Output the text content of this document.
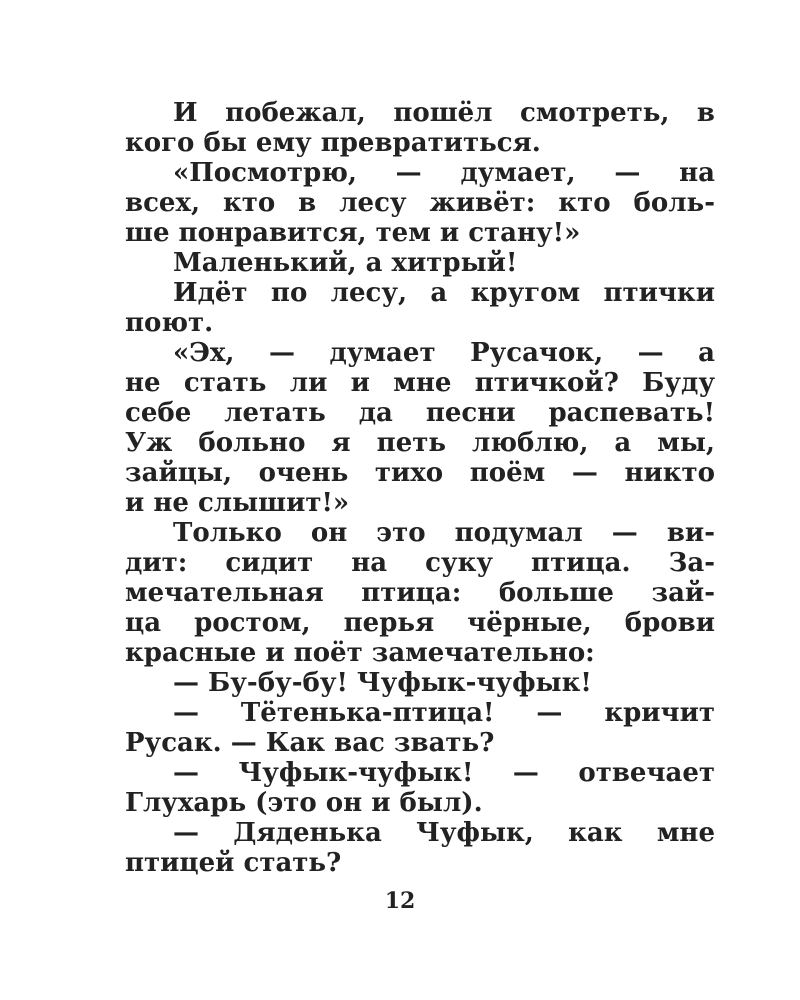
И побежал, пошёл смотреть, в
кого бы ему превратиться.
«Посмотрю, — думает, — на
всех, кто в лесу живёт: кто боль-
ше понравится, тем и стану!»
Маленький, а хитрый!
Идёт по лесу, а кругом птички
поют.
«Эх, — думает Русачок, — а
не стать ли и мне птичкой? Буду
себе летать да песни распевать!
Уж больно я петь люблю, а мы,
зайцы, очень тихо поём — никто
и не слышит!»
Только он это подумал — ви-
дит: сидит на суку птица. За-
мечательная птица: больше зай-
ца ростом, перья чёрные, брови
красные и поёт замечательно:
— Бу-бу-бу! Чуфык-чуфык!
— Тётенька-птица! — кричит
Русак. — Как вас звать?
— Чуфык-чуфык! — отвечает
Глухарь (это он и был).
— Дяденька Чуфык, как мне
птицей стать?
12
